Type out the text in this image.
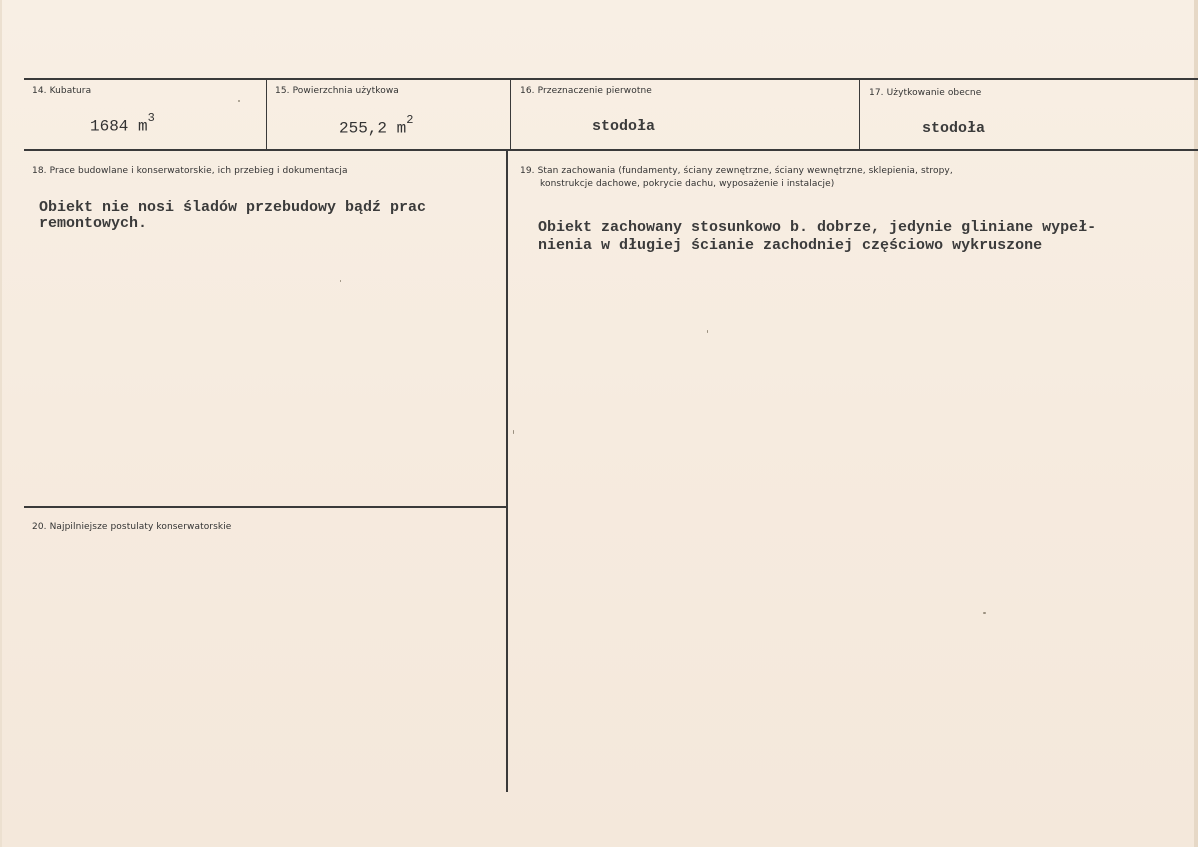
14. Kubatura
1684 $m^3$
15. Powierzchnia użytkowa
255,2 $m^2$
16. Przeznaczenie pierwotne
stodoła
17. Użytkowanie obecne
stodoła
18. Prace budowlane i konserwatorskie, ich przebieg i dokumentacja
Obiekt nie nosi śladów przebudowy bądź prac
remontowych.
19. Stan zachowania (fundamenty, ściany zewnętrzne, ściany wewnętrzne, sklepienia, stropy,
konstrukcje dachowe, pokrycie dachu, wyposażenie i instalacje)
Obiekt zachowany stosunkowo b. dobrze, jedynie gliniane wypeł-
nienia w długiej ścianie zachodniej częściowo wykruszone
20. Najpilniejsze postulaty konserwatorskie
